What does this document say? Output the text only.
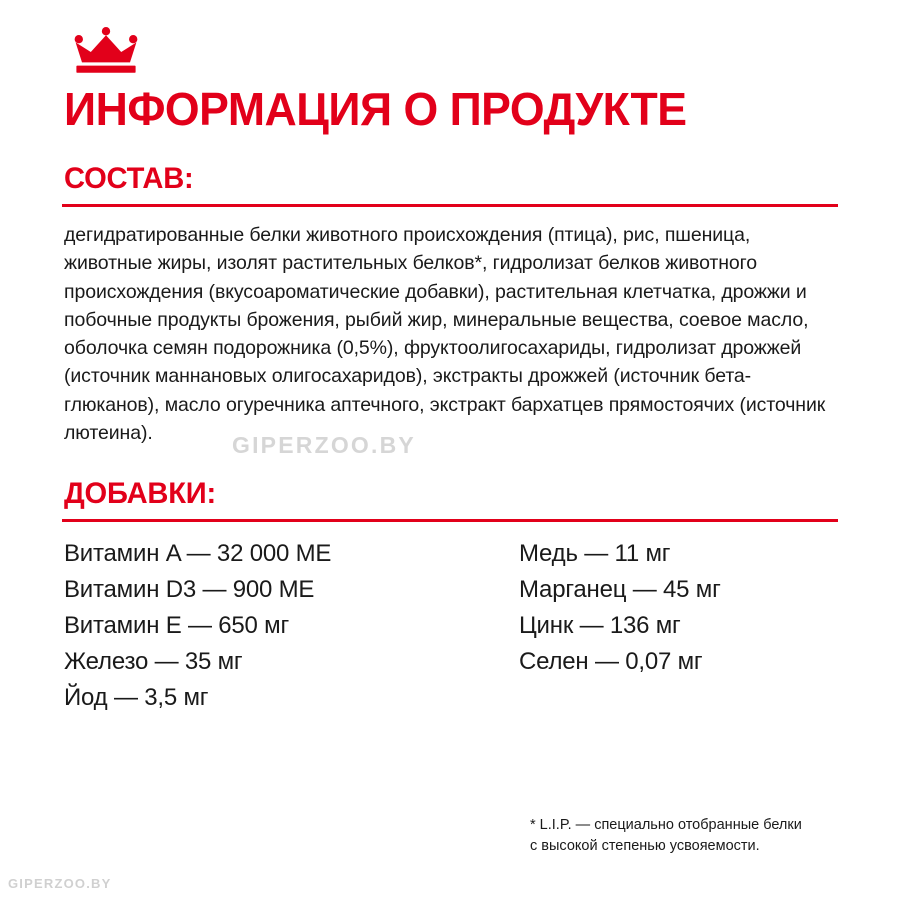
ИНФОРМАЦИЯ О ПРОДУКТЕ
СОСТАВ:

дегидратированные белки животного происхождения (птица), рис, пшеница, животные жиры, изолят растительных белков*, гидролизат белков животного происхождения (вкусоароматические добавки), растительная клетчатка, дрожжи и побочные продукты брожения, рыбий жир, минеральные вещества, соевое масло, оболочка семян подорожника (0,5%), фруктоолигосахариды, гидролизат дрожжей (источник маннановых олигосахаридов), экстракты дрожжей (источник бета-глюканов), масло огуречника аптечного, экстракт бархатцев прямостоячих (источник лютеина).

ДОБАВКИ:
Витамин A — 32 000 МЕ
Витамин D3 — 900 МЕ
Витамин E — 650 мг
Железо — 35 мг
Йод — 3,5 мг
Медь — 11 мг
Марганец — 45 мг
Цинк — 136 мг
Селен — 0,07 мг
* L.I.P. — специально отобранные белки
с высокой степенью усвояемости.
GIPERZOO.BY
GIPERZOO.BY
